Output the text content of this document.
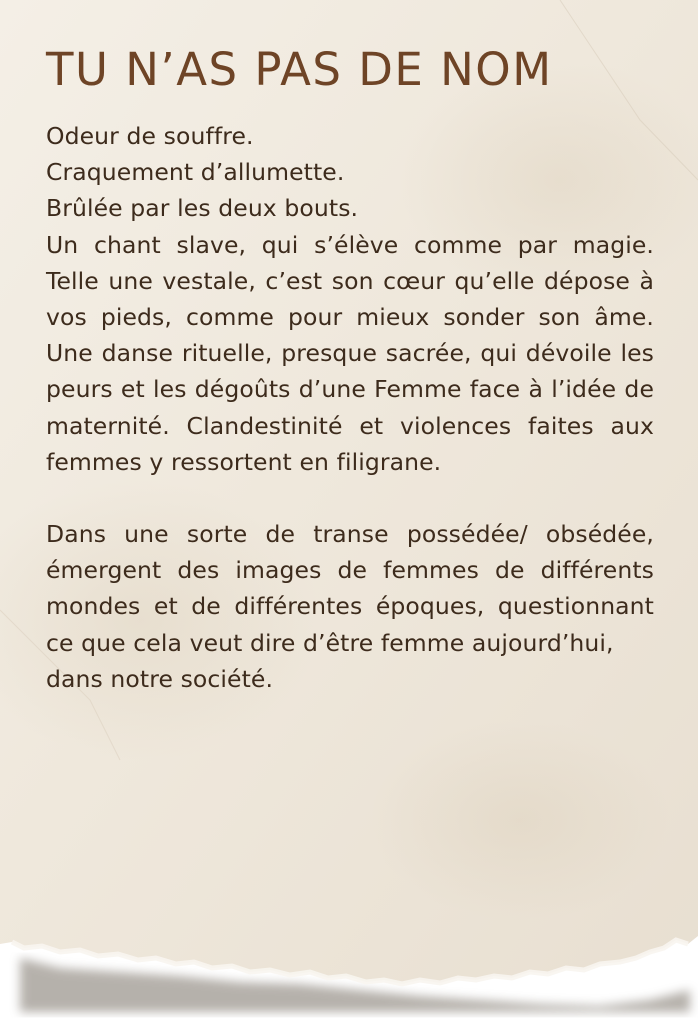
TU N’AS PAS DE NOM
Odeur de souffre.
Craquement d’allumette.
Brûlée par les deux bouts.
Un chant slave, qui s’élève comme par magie. Telle une vestale, c’est son cœur qu’elle dépose à vos pieds, comme pour mieux sonder son âme. Une danse rituelle, presque sacrée, qui dévoile les peurs et les dégoûts d’une Femme face à l’idée de maternité. Clandestinité et violences faites aux femmes y ressortent en filigrane.
Dans une sorte de transe possédée/ obsédée, émergent des images de femmes de différents mondes et de différentes époques, questionnant ce que cela veut dire d’être femme aujourd’hui,
dans notre société.
